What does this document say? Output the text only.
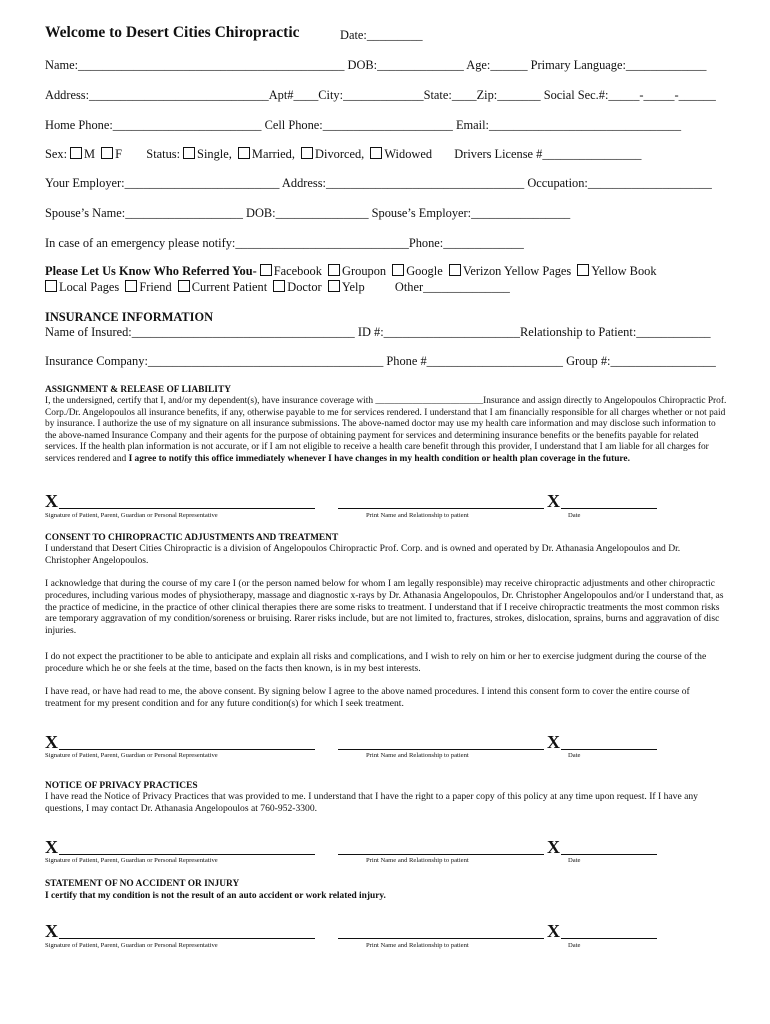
Welcome to Desert Cities Chiropractic	Date:_________
Name:___________________________________________ DOB:______________ Age:______ Primary Language:_____________
Address:_____________________________Apt#____City:_____________State:____Zip:_______ Social Sec.#:_____-_____-______
Home Phone:________________________ Cell Phone:_____________________ Email:_______________________________
Sex: M F Status: Single, Married, Divorced, Widowed Drivers License #________________
Your Employer:_________________________ Address:________________________________ Occupation:____________________
Spouse’s Name:___________________ DOB:_______________ Spouse’s Employer:________________
In case of an emergency please notify:____________________________Phone:_____________
Please Let Us Know Who Referred You- Facebook Groupon Google Verizon Yellow Pages Yellow Book
Local Pages Friend Current Patient Doctor Yelp Other______________
INSURANCE INFORMATION
Name of Insured:____________________________________ ID #:______________________Relationship to Patient:____________
Insurance Company:______________________________________ Phone #______________________ Group #:_________________
ASSIGNMENT & RELEASE OF LIABILITY
I, the undersigned, certify that I, and/or my dependent(s), have insurance coverage with _______________________Insurance and assign directly to Angelopoulos Chiropractic Prof. Corp./Dr. Angelopoulos all insurance benefits, if any, otherwise payable to me for services rendered. I understand that I am financially responsible for all charges whether or not paid by insurance. I authorize the use of my signature on all insurance submissions. The above-named doctor may use my health care information and may disclose such information to the above-named Insurance Company and their agents for the purpose of obtaining payment for services and determining insurance benefits or the benefits payable for related services. If the health plan information is not accurate, or if I am not eligible to receive a health care benefit through this provider, I understand that I am liable for all charges for services rendered and I agree to notify this office immediately whenever I have changes in my health condition or health plan coverage in the future.
X	X
Signature of Patient, Parent, Guardian or Personal Representative	Print Name and Relationship to patient	Date
CONSENT TO CHIROPRACTIC ADJUSTMENTS AND TREATMENT
I understand that Desert Cities Chiropractic is a division of Angelopoulos Chiropractic Prof. Corp. and is owned and operated by Dr. Athanasia Angelopoulos and Dr. Christopher Angelopoulos.
I acknowledge that during the course of my care I (or the person named below for whom I am legally responsible) may receive chiropractic adjustments and other chiropractic procedures, including various modes of physiotherapy, massage and diagnostic x-rays by Dr. Athanasia Angelopoulos, Dr. Christopher Angelopoulos and/or I understand that, as the practice of medicine, in the practice of other clinical therapies there are some risks to treatment. I understand that if I receive chiropractic treatments the most common risks are temporary aggravation of my condition/soreness or bruising. Rarer risks include, but are not limited to, fractures, strokes, dislocation, sprains, burns and aggravation of disc injuries.
I do not expect the practitioner to be able to anticipate and explain all risks and complications, and I wish to rely on him or her to exercise judgment during the course of the procedure which he or she feels at the time, based on the facts then known, is in my best interests.
I have read, or have had read to me, the above consent. By signing below I agree to the above named procedures. I intend this consent form to cover the entire course of treatment for my present condition and for any future condition(s) for which I seek treatment.
X	X
Signature of Patient, Parent, Guardian or Personal Representative	Print Name and Relationship to patient	Date
NOTICE OF PRIVACY PRACTICES
I have read the Notice of Privacy Practices that was provided to me. I understand that I have the right to a paper copy of this policy at any time upon request. If I have any questions, I may contact Dr. Athanasia Angelopoulos at 760-952-3300.
X	X
Signature of Patient, Parent, Guardian or Personal Representative	Print Name and Relationship to patient	Date
STATEMENT OF NO ACCIDENT OR INJURY
I certify that my condition is not the result of an auto accident or work related injury.
X	X
Signature of Patient, Parent, Guardian or Personal Representative	Print Name and Relationship to patient	Date
